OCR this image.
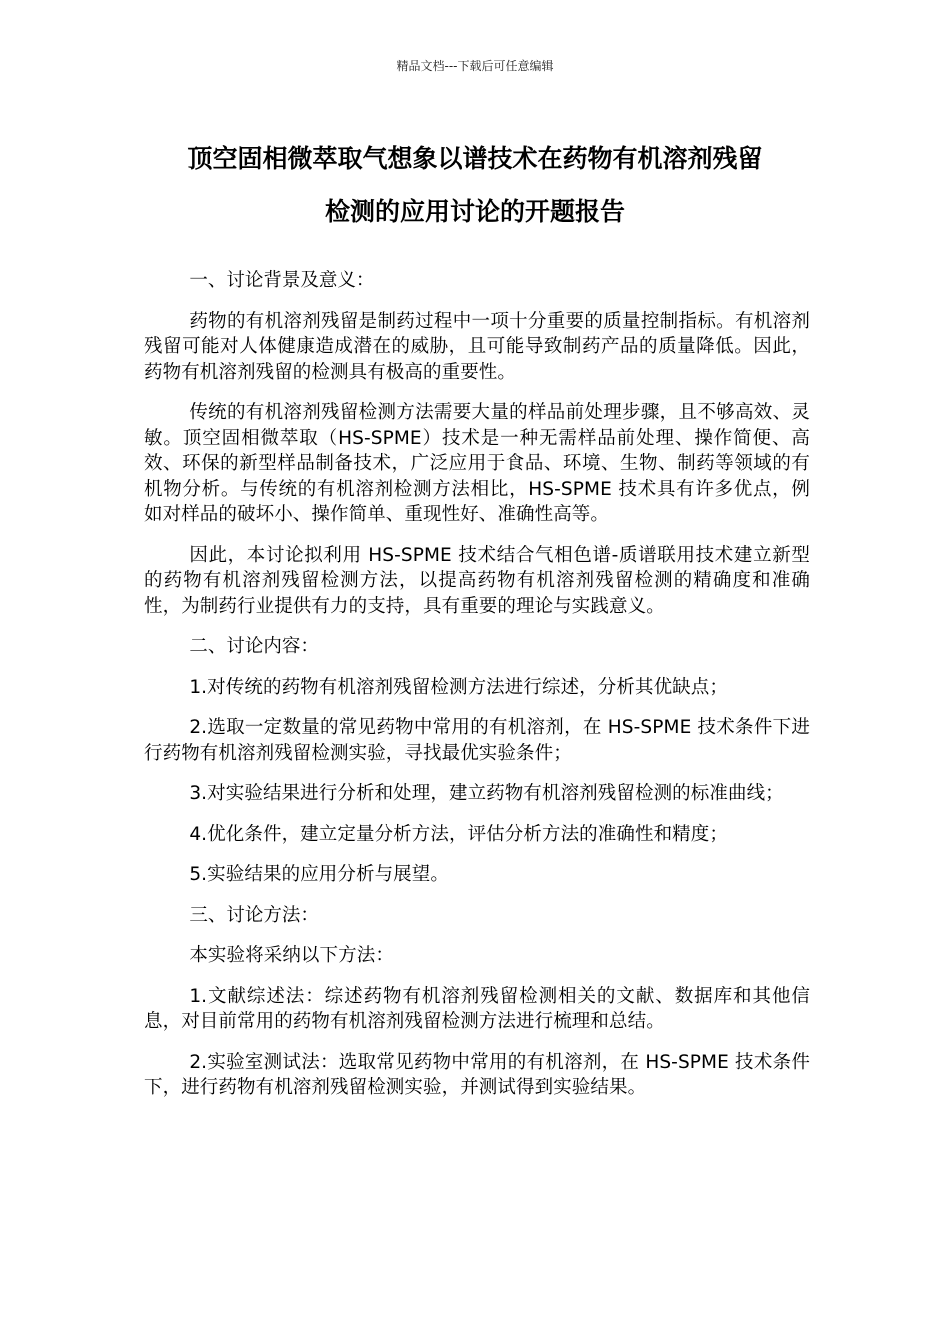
精品文档---下载后可任意编辑
顶空固相微萃取气想象以谱技术在药物有机溶剂残留
检测的应用讨论的开题报告

一、讨论背景及意义：

药物的有机溶剂残留是制药过程中一项十分重要的质量控制指标。有机溶剂残留可能对人体健康造成潜在的威胁，且可能导致制药产品的质量降低。因此，药物有机溶剂残留的检测具有极高的重要性。

传统的有机溶剂残留检测方法需要大量的样品前处理步骤，且不够高效、灵敏。顶空固相微萃取（HS-SPME）技术是一种无需样品前处理、操作简便、高效、环保的新型样品制备技术，广泛应用于食品、环境、生物、制药等领域的有机物分析。与传统的有机溶剂检测方法相比，HS-SPME 技术具有许多优点，例如对样品的破坏小、操作简单、重现性好、准确性高等。

因此，本讨论拟利用 HS-SPME 技术结合气相色谱-质谱联用技术建立新型的药物有机溶剂残留检测方法，以提高药物有机溶剂残留检测的精确度和准确性，为制药行业提供有力的支持，具有重要的理论与实践意义。

二、讨论内容：

1.对传统的药物有机溶剂残留检测方法进行综述，分析其优缺点；

2.选取一定数量的常见药物中常用的有机溶剂，在 HS-SPME 技术条件下进行药物有机溶剂残留检测实验，寻找最优实验条件；

3.对实验结果进行分析和处理，建立药物有机溶剂残留检测的标准曲线；

4.优化条件，建立定量分析方法，评估分析方法的准确性和精度；

5.实验结果的应用分析与展望。

三、讨论方法：

本实验将采纳以下方法：

1.文献综述法：综述药物有机溶剂残留检测相关的文献、数据库和其他信息，对目前常用的药物有机溶剂残留检测方法进行梳理和总结。

2.实验室测试法：选取常见药物中常用的有机溶剂，在 HS-SPME 技术条件下，进行药物有机溶剂残留检测实验，并测试得到实验结果。
